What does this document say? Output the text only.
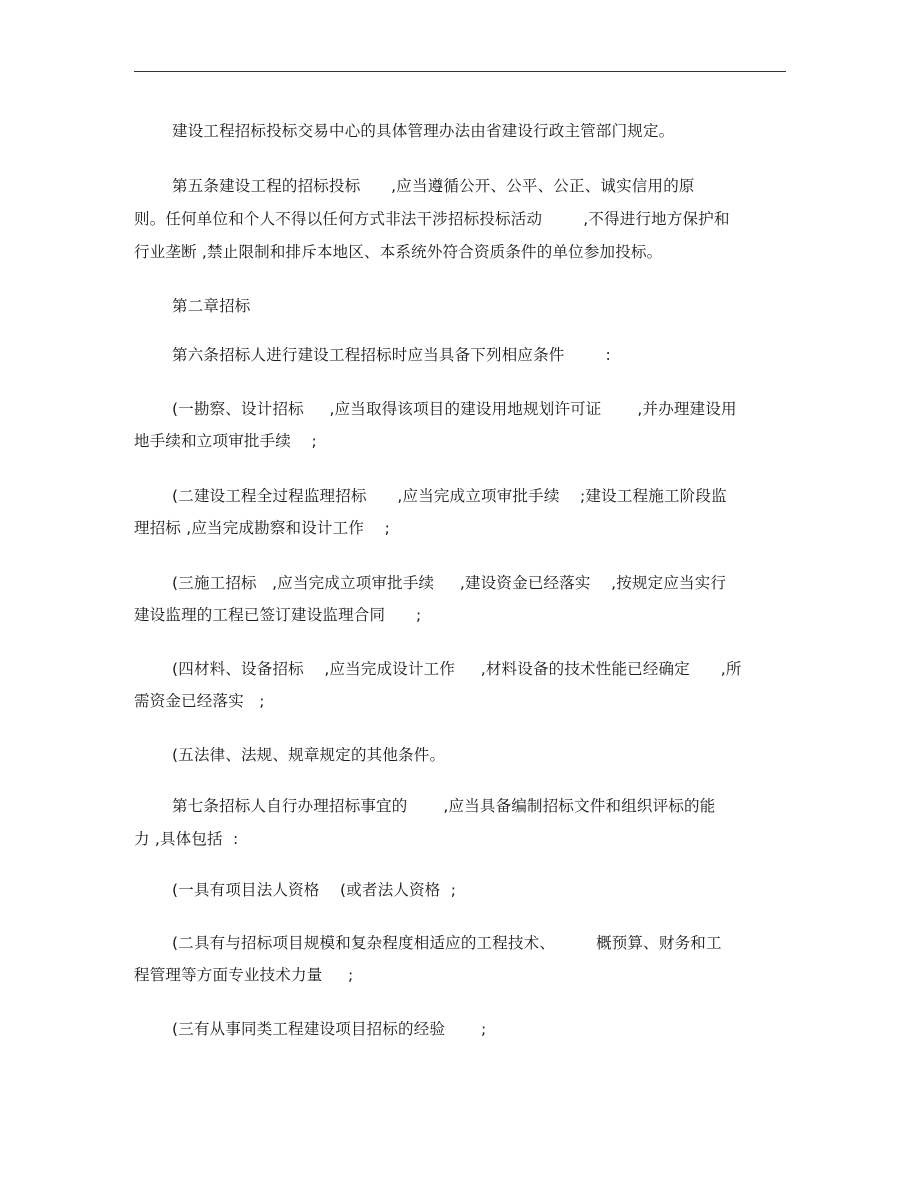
建设工程招标投标交易中心的具体管理办法由省建设行政主管部门规定。
第五条建设工程的招标投标      ,应当遵循公开、公平、公正、诚实信用的原
则。任何单位和个人不得以任何方式非法干涉招标投标活动        ,不得进行地方保护和
行业垄断 ,禁止限制和排斥本地区、本系统外符合资质条件的单位参加投标。
第二章招标
第六条招标人进行建设工程招标时应当具备下列相应条件        :
(一勘察、设计招标     ,应当取得该项目的建设用地规划许可证       ,并办理建设用
地手续和立项审批手续    ;
(二建设工程全过程监理招标      ,应当完成立项审批手续    ;建设工程施工阶段监
理招标 ,应当完成勘察和设计工作    ;
(三施工招标   ,应当完成立项审批手续     ,建设资金已经落实    ,按规定应当实行
建设监理的工程已签订建设监理合同      ;
(四材料、设备招标    ,应当完成设计工作     ,材料设备的技术性能已经确定      ,所
需资金已经落实   ;
(五法律、法规、规章规定的其他条件。
第七条招标人自行办理招标事宜的       ,应当具备编制招标文件和组织评标的能
力 ,具体包括  :
(一具有项目法人资格    (或者法人资格  ;
(二具有与招标项目规模和复杂程度相适应的工程技术、        概预算、财务和工
程管理等方面专业技术力量     ;
(三有从事同类工程建设项目招标的经验       ;
